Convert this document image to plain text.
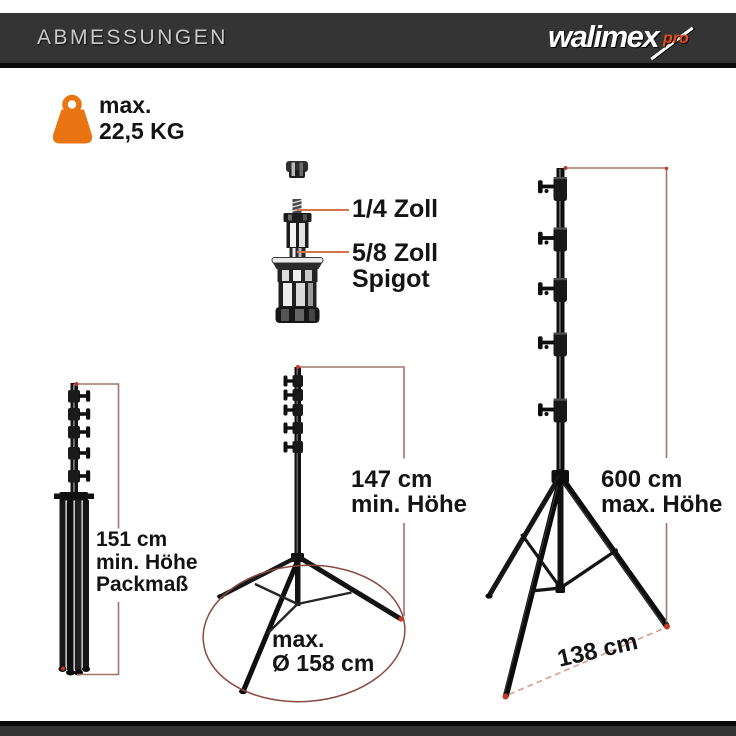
ABMESSUNGEN	walimex pro
max.
22,5 KG
1/4 Zoll
5/8 Zoll
Spigot
151 cm
min. Höhe
Packmaß
147 cm
min. Höhe
max.
Ø 158 cm
600 cm
max. Höhe
138 cm
